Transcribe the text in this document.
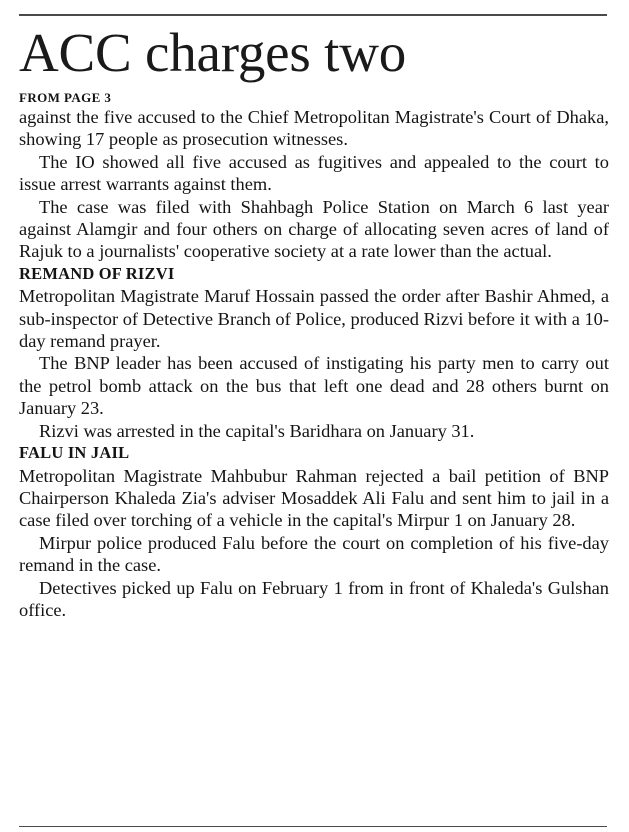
ACC charges two
FROM PAGE 3

against the five accused to the Chief Metropolitan Magistrate's Court of Dhaka, showing 17 people as prosecution witnesses.

The IO showed all five accused as fugitives and appealed to the court to issue arrest warrants against them.

The case was filed with Shahbagh Police Station on March 6 last year against Alamgir and four others on charge of allocating seven acres of land of Rajuk to a journalists' cooperative society at a rate lower than the actual.

REMAND OF RIZVI

Metropolitan Magistrate Maruf Hossain passed the order after Bashir Ahmed, a sub-inspector of Detective Branch of Police, produced Rizvi before it with a 10-day remand prayer.

The BNP leader has been accused of instigating his party men to carry out the petrol bomb attack on the bus that left one dead and 28 others burnt on January 23.

Rizvi was arrested in the capital's Baridhara on January 31.

FALU IN JAIL

Metropolitan Magistrate Mahbubur Rahman rejected a bail petition of BNP Chairperson Khaleda Zia's adviser Mosaddek Ali Falu and sent him to jail in a case filed over torching of a vehicle in the capital's Mirpur 1 on January 28.

Mirpur police produced Falu before the court on completion of his five-day remand in the case.

Detectives picked up Falu on February 1 from in front of Khaleda's Gulshan office.
